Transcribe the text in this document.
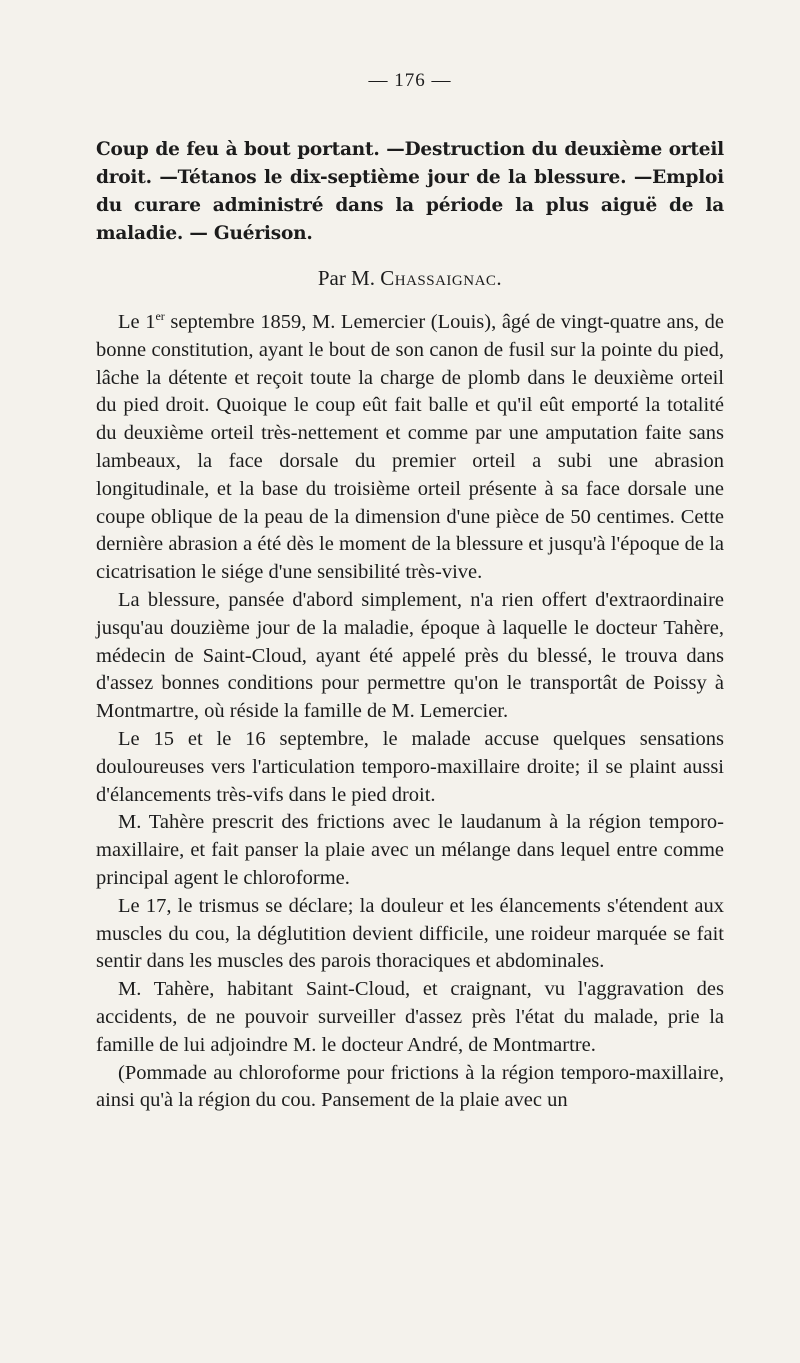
— 176 —

Coup de feu à bout portant. —Destruction du deuxième orteil droit. —Tétanos le dix-septième jour de la blessure. —Emploi du curare administré dans la période la plus aiguë de la maladie. — Guérison.

Par M. Chassaignac.

Le 1er septembre 1859, M. Lemercier (Louis), âgé de vingt-quatre ans, de bonne constitution, ayant le bout de son canon de fusil sur la pointe du pied, lâche la détente et reçoit toute la charge de plomb dans le deuxième orteil du pied droit. Quoique le coup eût fait balle et qu'il eût emporté la totalité du deuxième orteil très-nettement et comme par une amputation faite sans lambeaux, la face dorsale du premier orteil a subi une abrasion longitudinale, et la base du troisième orteil présente à sa face dorsale une coupe oblique de la peau de la dimension d'une pièce de 50 centimes. Cette dernière abrasion a été dès le moment de la blessure et jusqu'à l'époque de la cicatrisation le siége d'une sensibilité très-vive.

La blessure, pansée d'abord simplement, n'a rien offert d'extraordinaire jusqu'au douzième jour de la maladie, époque à laquelle le docteur Tahère, médecin de Saint-Cloud, ayant été appelé près du blessé, le trouva dans d'assez bonnes conditions pour permettre qu'on le transportât de Poissy à Montmartre, où réside la famille de M. Lemercier.

Le 15 et le 16 septembre, le malade accuse quelques sensations douloureuses vers l'articulation temporo-maxillaire droite; il se plaint aussi d'élancements très-vifs dans le pied droit.

M. Tahère prescrit des frictions avec le laudanum à la région temporo-maxillaire, et fait panser la plaie avec un mélange dans lequel entre comme principal agent le chloroforme.

Le 17, le trismus se déclare; la douleur et les élancements s'étendent aux muscles du cou, la déglutition devient difficile, une roideur marquée se fait sentir dans les muscles des parois thoraciques et abdominales.

M. Tahère, habitant Saint-Cloud, et craignant, vu l'aggravation des accidents, de ne pouvoir surveiller d'assez près l'état du malade, prie la famille de lui adjoindre M. le docteur André, de Montmartre.

(Pommade au chloroforme pour frictions à la région temporo-maxillaire, ainsi qu'à la région du cou. Pansement de la plaie avec un
